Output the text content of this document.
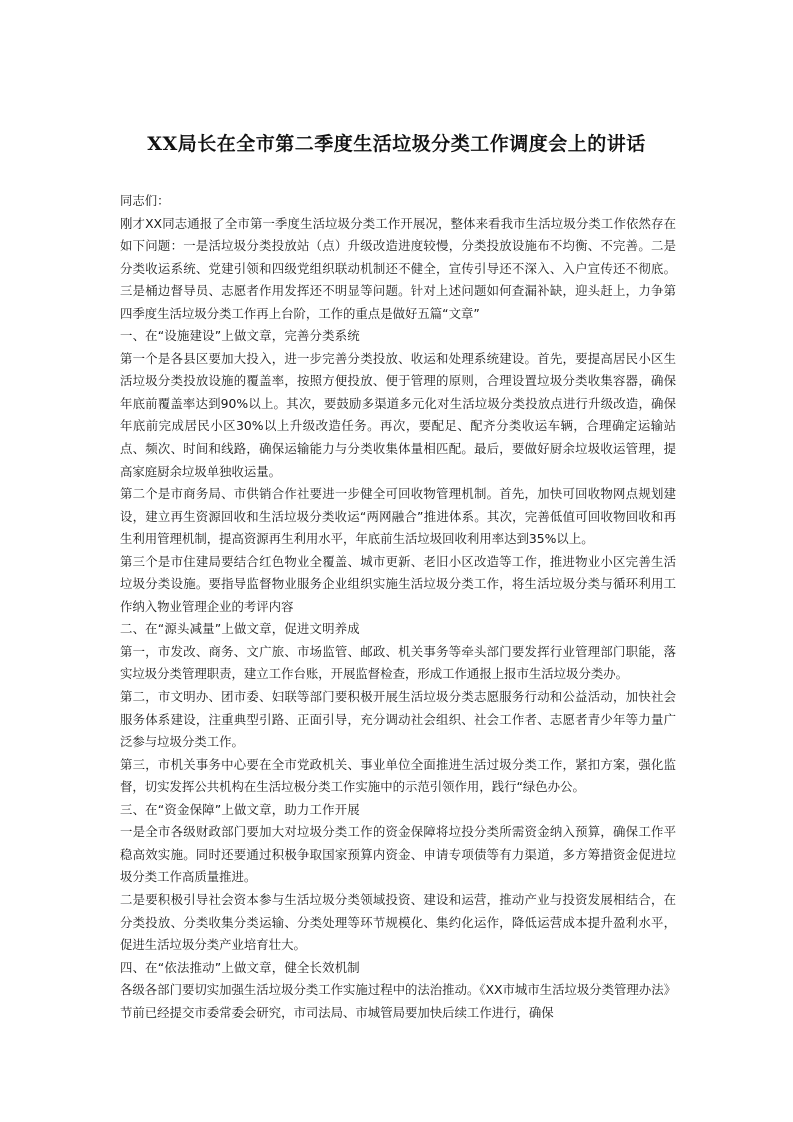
XX局长在全市第二季度生活垃圾分类工作调度会上的讲话

同志们：

刚才XX同志通报了全市第一季度生活垃圾分类工作开展况，整体来看我市生活垃圾分类工作依然存在如下问题：一是活垃圾分类投放站（点）升级改造进度较慢，分类投放设施布不均衡、不完善。二是分类收运系统、党建引领和四级党组织联动机制还不健全，宣传引导还不深入、入户宣传还不彻底。三是桶边督导员、志愿者作用发挥还不明显等问题。针对上述问题如何查漏补缺，迎头赶上，力争第四季度生活垃圾分类工作再上台阶，工作的重点是做好五篇“文章”

一、在“设施建设”上做文章，完善分类系统

第一个是各县区要加大投入，进一步完善分类投放、收运和处理系统建设。首先，要提高居民小区生活垃圾分类投放设施的覆盖率，按照方便投放、便于管理的原则，合理设置垃圾分类收集容器，确保年底前覆盖率达到90%以上。其次，要鼓励多渠道多元化对生活垃圾分类投放点进行升级改造，确保年底前完成居民小区30%以上升级改造任务。再次，要配足、配齐分类收运车辆，合理确定运输站点、频次、时间和线路，确保运输能力与分类收集体量相匹配。最后，要做好厨余垃圾收运管理，提高家庭厨余垃圾单独收运量。

第二个是市商务局、市供销合作社要进一步健全可回收物管理机制。首先，加快可回收物网点规划建设，建立再生资源回收和生活垃圾分类收运“两网融合”推进体系。其次，完善低值可回收物回收和再生利用管理机制，提高资源再生利用水平，年底前生活垃圾回收利用率达到35%以上。

第三个是市住建局要结合红色物业全覆盖、城市更新、老旧小区改造等工作，推进物业小区完善生活垃圾分类设施。要指导监督物业服务企业组织实施生活垃圾分类工作，将生活垃圾分类与循环利用工作纳入物业管理企业的考评内容

二、在“源头减量”上做文章，促进文明养成

第一，市发改、商务、文广旅、市场监管、邮政、机关事务等牵头部门要发挥行业管理部门职能，落实垃圾分类管理职责，建立工作台账，开展监督检查，形成工作通报上报市生活垃圾分类办。

第二，市文明办、团市委、妇联等部门要积极开展生活垃圾分类志愿服务行动和公益活动，加快社会服务体系建设，注重典型引路、正面引导，充分调动社会组织、社会工作者、志愿者青少年等力量广泛参与垃圾分类工作。

第三，市机关事务中心要在全市党政机关、事业单位全面推进生活过圾分类工作，紧扣方案，强化监督，切实发挥公共机构在生活垃极分类工作实施中的示范引领作用，践行“绿色办公。

三、在“资金保障”上做文章，助力工作开展

一是全市各级财政部门要加大对垃圾分类工作的资金保障将垃投分类所需资金纳入预算，确保工作平稳高效实施。同时还要通过积极争取国家预算内资金、申请专项债等有力渠道，多方筹措资金促进垃圾分类工作高质量推进。

二是要积极引导社会资本参与生活垃圾分类领域投资、建设和运营，推动产业与投资发展相结合，在分类投放、分类收集分类运输、分类处理等环节规模化、集约化运作，降低运营成本提升盈利水平，促进生活垃圾分类产业培育壮大。

四、在“依法推动”上做文章，健全长效机制

各级各部门要切实加强生活垃圾分类工作实施过程中的法治推动。《XX市城市生活垃圾分类管理办法》节前已经提交市委常委会研究，市司法局、市城管局要加快后续工作进行，确保
